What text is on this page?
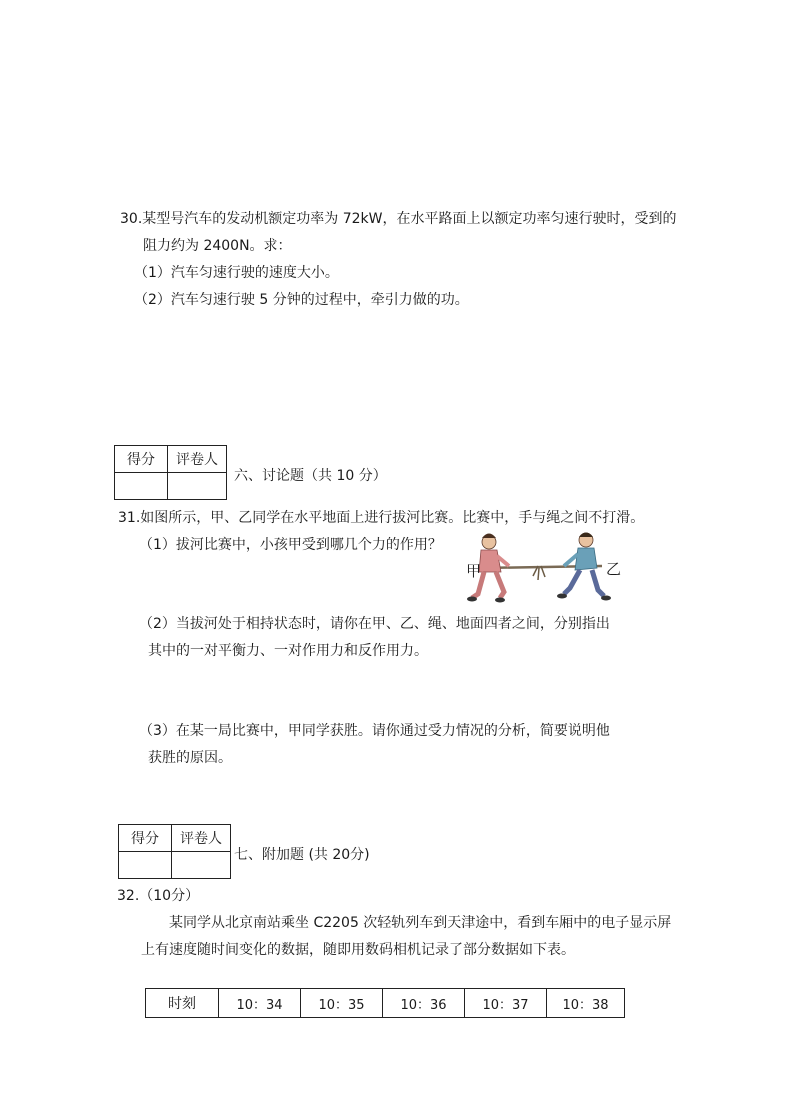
30.某型号汽车的发动机额定功率为 72kW，在水平路面上以额定功率匀速行驶时，受到的
阻力约为 2400N。求：
（1）汽车匀速行驶的速度大小。
（2）汽车匀速行驶 5 分钟的过程中，牵引力做的功。
得分	评卷人

六、讨论题（共 10 分）
31.如图所示，甲、乙同学在水平地面上进行拔河比赛。比赛中，手与绳之间不打滑。
（1）拔河比赛中，小孩甲受到哪几个力的作用？
甲	乙
（2）当拔河处于相持状态时，请你在甲、乙、绳、地面四者之间，分别指出
其中的一对平衡力、一对作用力和反作用力。
（3）在某一局比赛中，甲同学获胜。请你通过受力情况的分析，简要说明他
获胜的原因。
得分	评卷人

七、附加题 (共 20分)
32.（10分）
某同学从北京南站乘坐 C2205 次轻轨列车到天津途中，看到车厢中的电子显示屏
上有速度随时间变化的数据，随即用数码相机记录了部分数据如下表。
时刻	10：34	10：35	10：36	10：37	10：38
